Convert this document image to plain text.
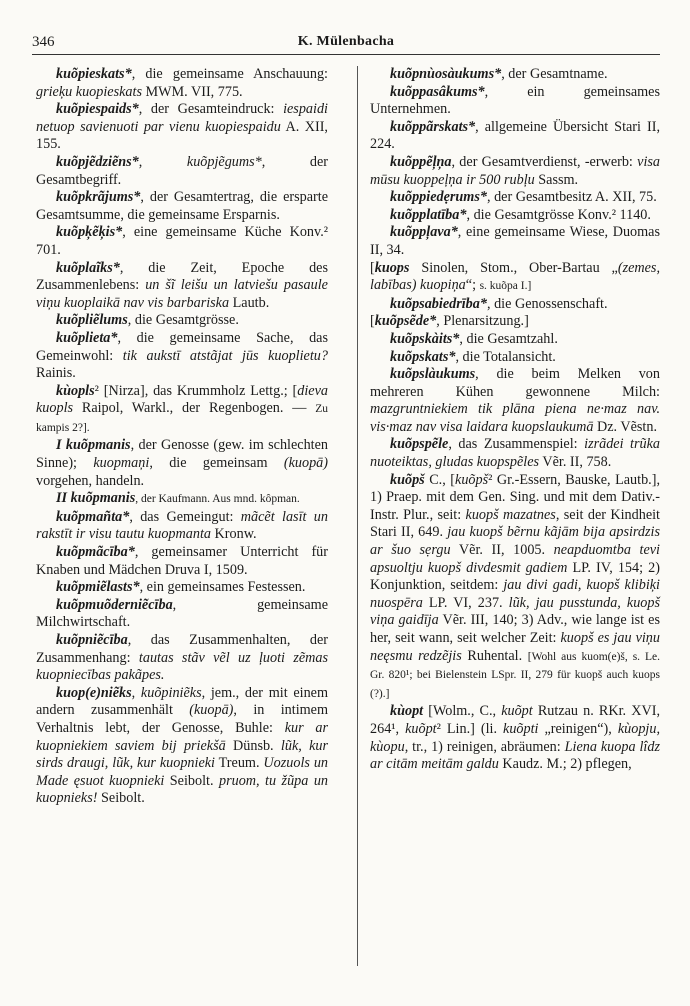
346	K. Mülenbacha

kuõpieskats*, die gemeinsame Anschauung: grieķu kuopieskats MWM. VII, 775.

kuõpiespaids*, der Gesamteindruck: iespaidi netuop savienuoti par vienu kuopiespaidu A. XII, 155.

kuõpjẽdziẽns*, kuõpjẽgums*, der Gesamtbegriff.

kuõpkrãjums*, der Gesamtertrag, die ersparte Gesamtsumme, die gemeinsame Ersparnis.

kuõpķẽķis*, eine gemeinsame Küche Konv.² 701.

kuõplaĩks*, die Zeit, Epoche des Zusammenlebens: un šĩ leišu un latviešu pasaule viņu kuoplaikā nav vis barbariska Lautb.

kuõpliẽlums, die Gesamtgrösse.

kuõplieta*, die gemeinsame Sache, das Gemeinwohl: tik aukstī atstãjat jūs kuoplietu? Rainis.

kùopls² [Nirza], das Krummholz Lettg.; [dieva kuopls Raipol, Warkl., der Regenbogen. — Zu kampis 2?].

I kuõpmanis, der Genosse (gew. im schlechten Sinne); kuopmaņi, die gemeinsam (kuopā) vorgehen, handeln.

II kuõpmanis, der Kaufmann. Aus mnd. kôpman.

kuõpmañta*, das Gemeingut: mãcẽt lasīt un rakstīt ir visu tautu kuopmanta Kronw.

kuõpmãcība*, gemeinsamer Unterricht für Knaben und Mädchen Druva I, 1509.

kuõpmiẽlasts*, ein gemeinsames Festessen.

kuõpmuõderniẽcība, gemeinsame Milchwirtschaft.

kuõpniẽcība, das Zusammenhalten, der Zusammenhang: tautas stãv vẽl uz ļuoti zẽmas kuopniecības pakãpes.

kuop(e)niẽks, kuõpiniẽks, jem., der mit einem andern zusammenhält (kuopā), in intimem Verhaltnis lebt, der Genosse, Buhle: kur ar kuopniekiem saviem bij priekšā Dünsb. lũk, kur sirds draugi, lũk, kur kuopnieki Treum. Uozuols un Made ęsuot kuopnieki Seibolt. pruom, tu žũpa un kuopnieks! Seibolt.

kuõpnùosàukums*, der Gesamtname.

kuõppasâkums*, ein gemeinsames Unternehmen.

kuõppãrskats*, allgemeine Übersicht Stari II, 224.

kuõppẽļņa, der Gesamtverdienst, -erwerb: visa mūsu kuoppeļņa ir 500 rubļu Sassm.

kuõppiedẹrums*, der Gesamtbesitz A. XII, 75.

kuõpplatība*, die Gesamtgrösse Konv.² 1140.

kuõppļava*, eine gemeinsame Wiese, Duomas II, 34.

[kuops Sinolen, Stom., Ober-Bartau „(zemes, labības) kuopiņa“; s. kuõpa I.]

kuõpsabiedrība*, die Genossenschaft.

[kuõpsẽde*, Plenarsitzung.]

kuõpskàits*, die Gesamtzahl.

kuõpskats*, die Totalansicht.

kuõpslàukums, die beim Melken von mehreren Kühen gewonnene Milch: mazgruntniekiem tik plāna piena ne·maz nav. vis·maz nav visa laidara kuopslaukumā Dz. Vẽstn.

kuõpspẽle, das Zusammenspiel: izrãdei trũka nuoteiktas, gludas kuopspẽles Vẽr. II, 758.

kuõpš C., [kuõpš² Gr.-Essern, Bauske, Lautb.], 1) Praep. mit dem Gen. Sing. und mit dem Dativ.-Instr. Plur., seit: kuopš mazatnes, seit der Kindheit Stari II, 649. jau kuopš bẽrnu kãjām bija apsirdzis ar šuo sẹrgu Vẽr. II, 1005. neapduomtba tevi apsuoltju kuopš divdesmit gadiem LP. IV, 154; 2) Konjunktion, seitdem: jau divi gadi, kuopš klibiķi nuospēra LP. VI, 237. lũk, jau pusstunda, kuopš viņa gaidīja Vẽr. III, 140; 3) Adv., wie lange ist es her, seit wann, seit welcher Zeit: kuopš es jau viņu neęsmu redzẽjis Ruhental. [Wohl aus kuom(e)š, s. Le. Gr. 820¹; bei Bielenstein LSpr. II, 279 für kuopš auch kuops (?).]

kùopt [Wolm., C., kuõpt Rutzau n. RKr. XVI, 264¹, kuõpt² Lin.] (li. kuõpti „reinigen“), kùopju, kùopu, tr., 1) reinigen, abräumen: Liena kuopa lîdz ar citām meitām galdu Kaudz. M.; 2) pflegen,
